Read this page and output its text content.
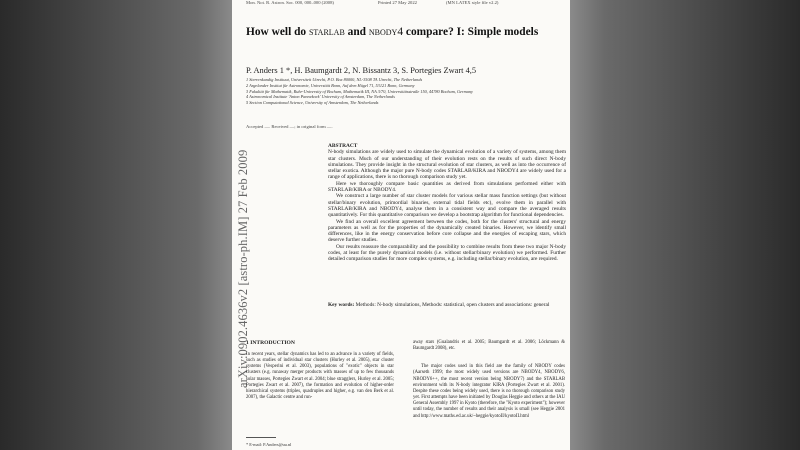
Mon. Not. R. Astron. Soc. 000, 000–000 (2008)	Printed 27 May 2022	(MN LATEX style file v2.2)
How well do starlab and nbody4 compare? I: Simple models
P. Anders 1 *, H. Baumgardt 2, N. Bissantz 3, S. Portegies Zwart 4,5
1 Sterrenkundig Instituut, Universiteit Utrecht, P.O. Box 80000, NL-3508 TA Utrecht, The Netherlands
2 Argelander Institut für Astronomie, Universität Bonn, Auf dem Hügel 71, 53121 Bonn, Germany
3 Fakultät für Mathematik, Ruhr-University of Bochum, Mathematik III, NA 3/70, Universitätsstraße 150, 44780 Bochum, Germany
4 Astronomical Institute 'Anton Pannekoek' University of Amsterdam, The Netherlands
5 Section Computational Science, University of Amsterdam, The Netherlands
arXiv:0902.4636v2 [astro-ph.IM] 27 Feb 2009
Accepted —. Received —; in original form —.
ABSTRACT

N-body simulations are widely used to simulate the dynamical evolution of a variety of systems, among them star clusters. Much of our understanding of their evolution rests on the results of such direct N-body simulations. They provide insight in the structural evolution of star clusters, as well as into the occurrence of stellar exotica. Although the major pure N-body codes STARLAB/KIRA and NBODY4 are widely used for a range of applications, there is no thorough comparison study yet.

Here we thoroughly compare basic quantities as derived from simulations performed either with STARLAB/KIRA or NBODY4.

We construct a large number of star cluster models for various stellar mass function settings (but without stellar/binary evolution, primordial binaries, external tidal fields etc), evolve them in parallel with STARLAB/KIRA and NBODY4, analyse them in a consistent way and compare the averaged results quantitatively. For this quantitative comparison we develop a bootstrap algorithm for functional dependencies.

We find an overall excellent agreement between the codes, both for the clusters' structural and energy parameters as well as for the properties of the dynamically created binaries. However, we identify small differences, like in the energy conservation before core collapse and the energies of escaping stars, which deserve further studies.

Our results reassure the comparability and the possibility to combine results from these two major N-body codes, at least for the purely dynamical models (i.e. without stellar/binary evolution) we performed. Further detailed comparison studies for more complex systems, e.g. including stellar/binary evolution, are required.

Key words: Methods: N-body simulations, Methods: statistical, open clusters and associations: general
1 INTRODUCTION
In recent years, stellar dynamics has led to an advance in a variety of fields, such as studies of individual star clusters (Hurley et al. 2005), star cluster systems (Vesperini et al. 2003), populations of "exotic" objects in star clusters (e.g. runaway merger products with masses of up to few thousands solar masses, Portegies Zwart et al. 2004; blue stragglers, Hurley et al. 2005; Portegies Zwart et al. 2007), the formation and evolution of higher-order hierarchical systems (triples, quadruples and higher, e.g. van den Berk et al. 2007), the Galactic centre and run-

away stars (Gualandris et al. 2005; Baumgardt et al. 2006; Löckmann & Baumgardt 2008), etc.

The major codes used in this field are the family of NBODY codes (Aarseth 1999; the most widely used versions are NBODY4, NBODY6, NBODY6++, the most recent version being NBODY7) and the STARLAB environment with its N-body integrator KIRA (Portegies Zwart et al. 2001). Despite these codes being widely used, there is no thorough comparison study yet. First attempts have been initiated by Douglas Heggie and others at the IAU General Assembly 1997 in Kyoto (therefore, the "Kyoto experiment"); however until today, the number of results and their analysis is small (see Heggie 2001 and http://www.maths.ed.ac.uk/~heggie/kyotoII/kyotoII.html

* E-mail: P.Anders@uu.nl
